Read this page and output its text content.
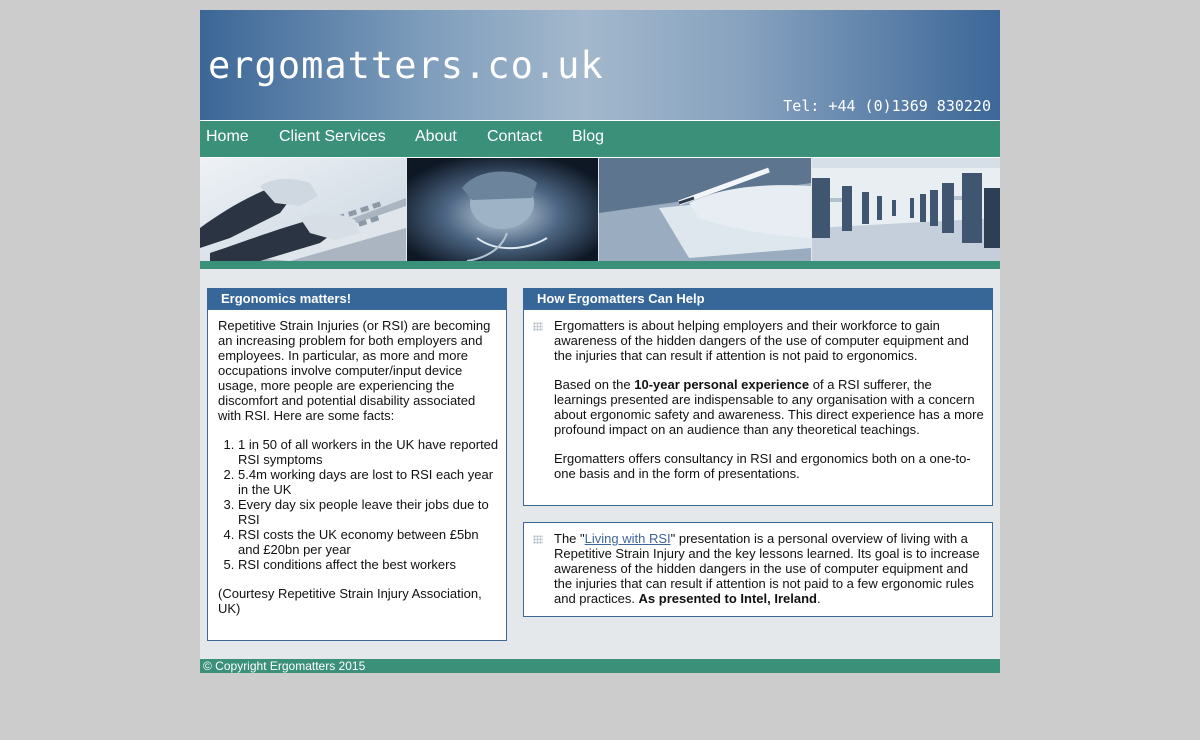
ergomatters.co.uk
Tel: +44 (0)1369 830220
Home Client Services About Contact Blog
Ergonomics matters!

Repetitive Strain Injuries (or RSI) are becoming an increasing problem for both employers and employees. In particular, as more and more occupations involve computer/input device usage, more people are experiencing the discomfort and potential disability associated with RSI. Here are some facts:

1. 1 in 50 of all workers in the UK have reported RSI symptoms
2. 5.4m working days are lost to RSI each year in the UK
3. Every day six people leave their jobs due to RSI
4. RSI costs the UK economy between £5bn and £20bn per year
5. RSI conditions affect the best workers

(Courtesy Repetitive Strain Injury Association, UK)

How Ergomatters Can Help

Ergomatters is about helping employers and their workforce to gain awareness of the hidden dangers of the use of computer equipment and the injuries that can result if attention is not paid to ergonomics.

Based on the 10-year personal experience of a RSI sufferer, the learnings presented are indispensable to any organisation with a concern about ergonomic safety and awareness. This direct experience has a more profound impact on an audience than any theoretical teachings.

Ergomatters offers consultancy in RSI and ergonomics both on a one-to-one basis and in the form of presentations.

The "Living with RSI" presentation is a personal overview of living with a Repetitive Strain Injury and the key lessons learned. Its goal is to increase awareness of the hidden dangers in the use of computer equipment and the injuries that can result if attention is not paid to a few ergonomic rules and practices. As presented to Intel, Ireland.

© Copyright Ergomatters 2015
